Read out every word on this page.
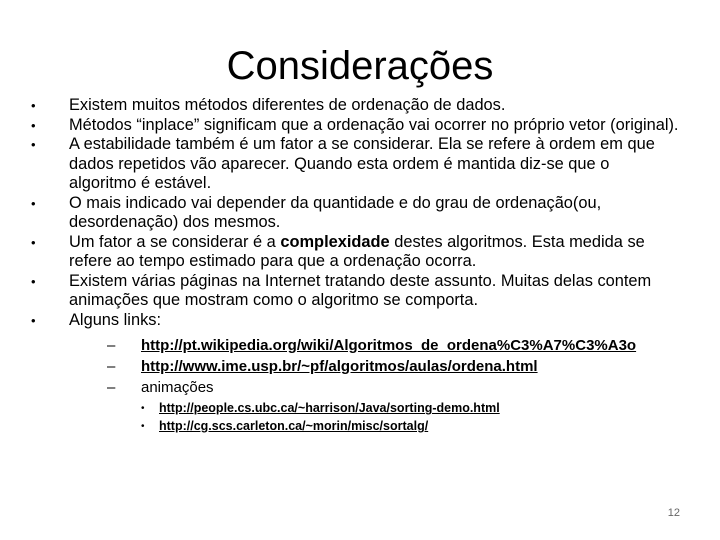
Considerações
• Existem muitos métodos diferentes de ordenação de dados.
• Métodos “inplace” significam que a ordenação vai ocorrer no próprio vetor (original).
• A estabilidade também é um fator a se considerar. Ela se refere à ordem em que dados repetidos vão aparecer. Quando esta ordem é mantida diz-se que o algoritmo é estável.
• O mais indicado vai depender da quantidade e do grau de ordenação(ou, desordenação) dos mesmos.
• Um fator a se considerar é a complexidade destes algoritmos. Esta medida se refere ao tempo estimado para que a ordenação ocorra.
• Existem várias páginas na Internet tratando deste assunto. Muitas delas contem animações que mostram como o algoritmo se comporta.
• Alguns links:
– http://pt.wikipedia.org/wiki/Algoritmos_de_ordena%C3%A7%C3%A3o
– http://www.ime.usp.br/~pf/algoritmos/aulas/ordena.html
– animações
• http://people.cs.ubc.ca/~harrison/Java/sorting-demo.html
• http://cg.scs.carleton.ca/~morin/misc/sortalg/
12
